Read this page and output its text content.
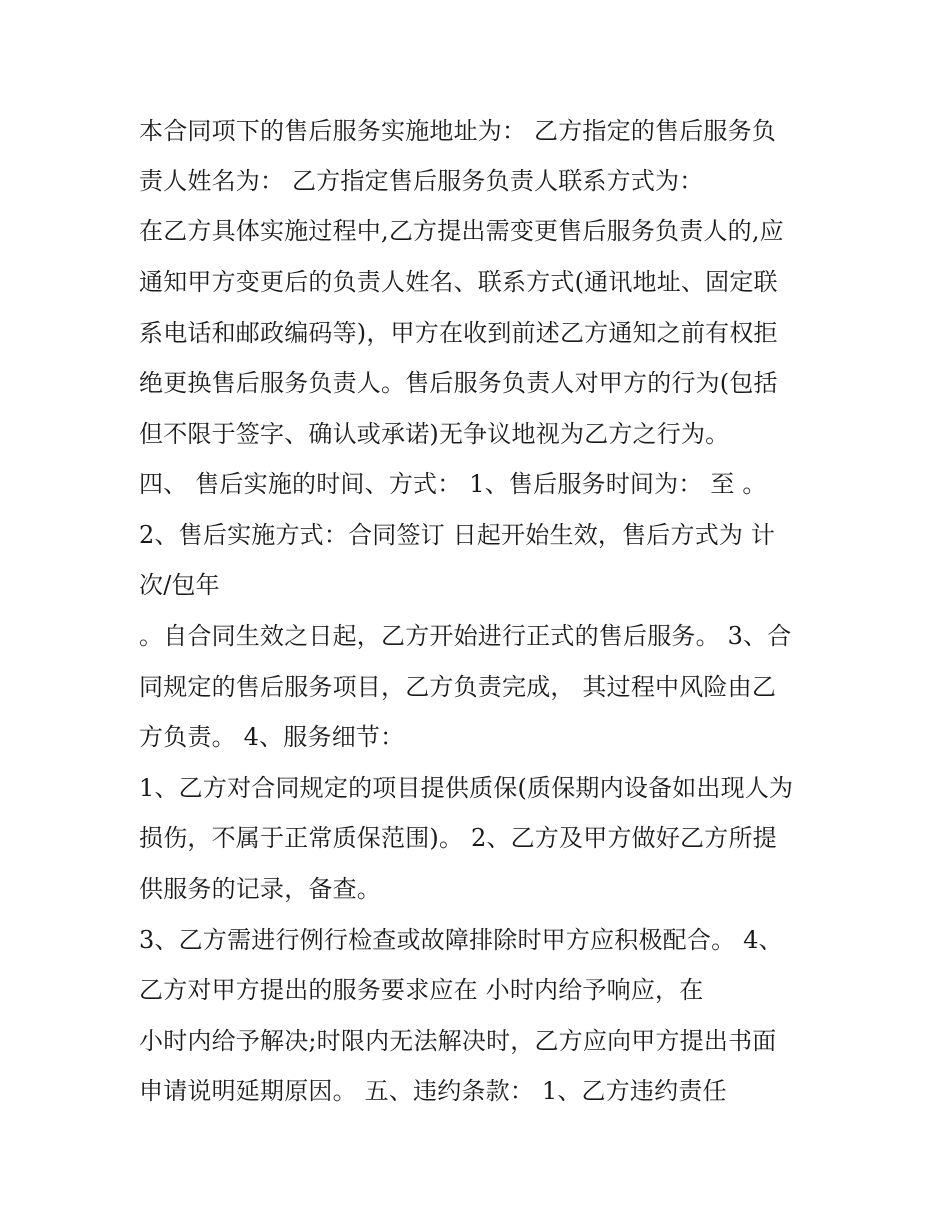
本合同项下的售后服务实施地址为： 乙方指定的售后服务负

责人姓名为： 乙方指定售后服务负责人联系方式为：

在乙方具体实施过程中,乙方提出需变更售后服务负责人的,应

通知甲方变更后的负责人姓名、联系方式(通讯地址、固定联

系电话和邮政编码等)，甲方在收到前述乙方通知之前有权拒

绝更换售后服务负责人。售后服务负责人对甲方的行为(包括

但不限于签字、确认或承诺)无争议地视为乙方之行为。

四、 售后实施的时间、方式： 1、售后服务时间为： 至 。

2、售后实施方式：合同签订 日起开始生效，售后方式为 计

次/包年

。自合同生效之日起，乙方开始进行正式的售后服务。 3、合

同规定的售后服务项目，乙方负责完成， 其过程中风险由乙

方负责。 4、服务细节：

1、乙方对合同规定的项目提供质保(质保期内设备如出现人为

损伤，不属于正常质保范围)。 2、乙方及甲方做好乙方所提

供服务的记录，备查。

3、乙方需进行例行检查或故障排除时甲方应积极配合。 4、

乙方对甲方提出的服务要求应在 小时内给予响应，在

小时内给予解决;时限内无法解决时，乙方应向甲方提出书面

申请说明延期原因。 五、违约条款： 1、乙方违约责任
